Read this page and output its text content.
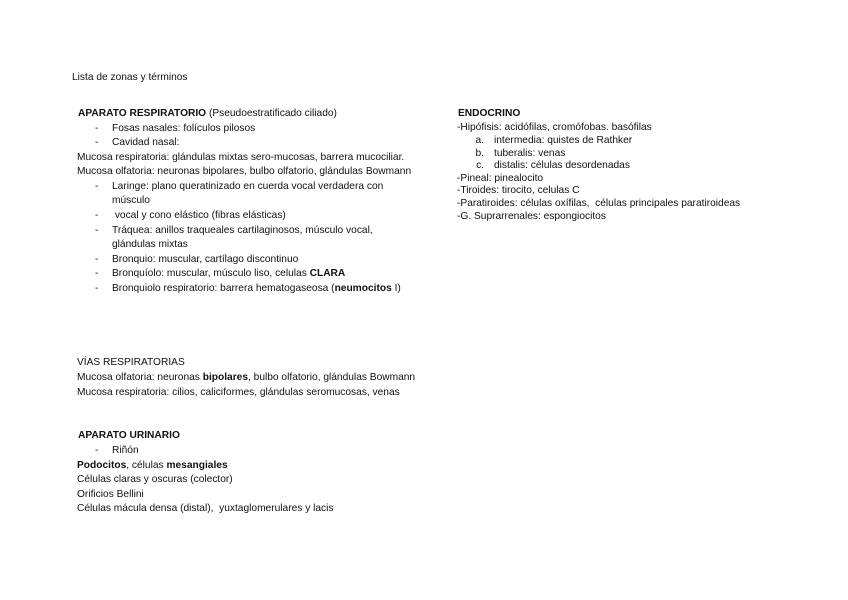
Lista de zonas y términos
APARATO RESPIRATORIO (Pseudoestratificado ciliado)
- Fosas nasales: folículos pilosos
- Cavidad nasal:
Mucosa respiratoria: glándulas mixtas sero-mucosas, barrera mucociliar.
Mucosa olfatoria: neuronas bipolares, bulbo olfatorio, glándulas Bowmann
- Laringe: plano queratinizado en cuerda vocal verdadera con
músculo
- vocal y cono elástico (fibras elásticas)
- Tráquea: anillos traqueales cartilaginosos, músculo vocal,
glándulas mixtas
- Bronquio: muscular, cartílago discontinuo
- Bronquíolo: muscular, músculo liso, celulas CLARA
- Bronquiolo respiratorio: barrera hematogaseosa (neumocitos I)
VÍAS RESPIRATORIAS
Mucosa olfatoria: neuronas bipolares, bulbo olfatorio, glándulas Bowmann
Mucosa respiratoria: cilios, caliciformes, glándulas seromucosas, venas
APARATO URINARIO
- Riñón
Podocitos, células mesangiales
Células claras y oscuras (colector)
Orificios Bellini
Células mácula densa (distal),  yuxtaglomerulares y lacis
ENDOCRINO
-Hipófisis: acidófilas, cromófobas. basófilas
a. intermedia: quistes de Rathker
b. tuberalis: venas
c. distalis: células desordenadas
-Pineal: pinealocito
-Tiroides: tirocito, celulas C
-Paratiroides: células oxífilas,  células principales paratiroideas
-G. Suprarrenales: espongiocitos
